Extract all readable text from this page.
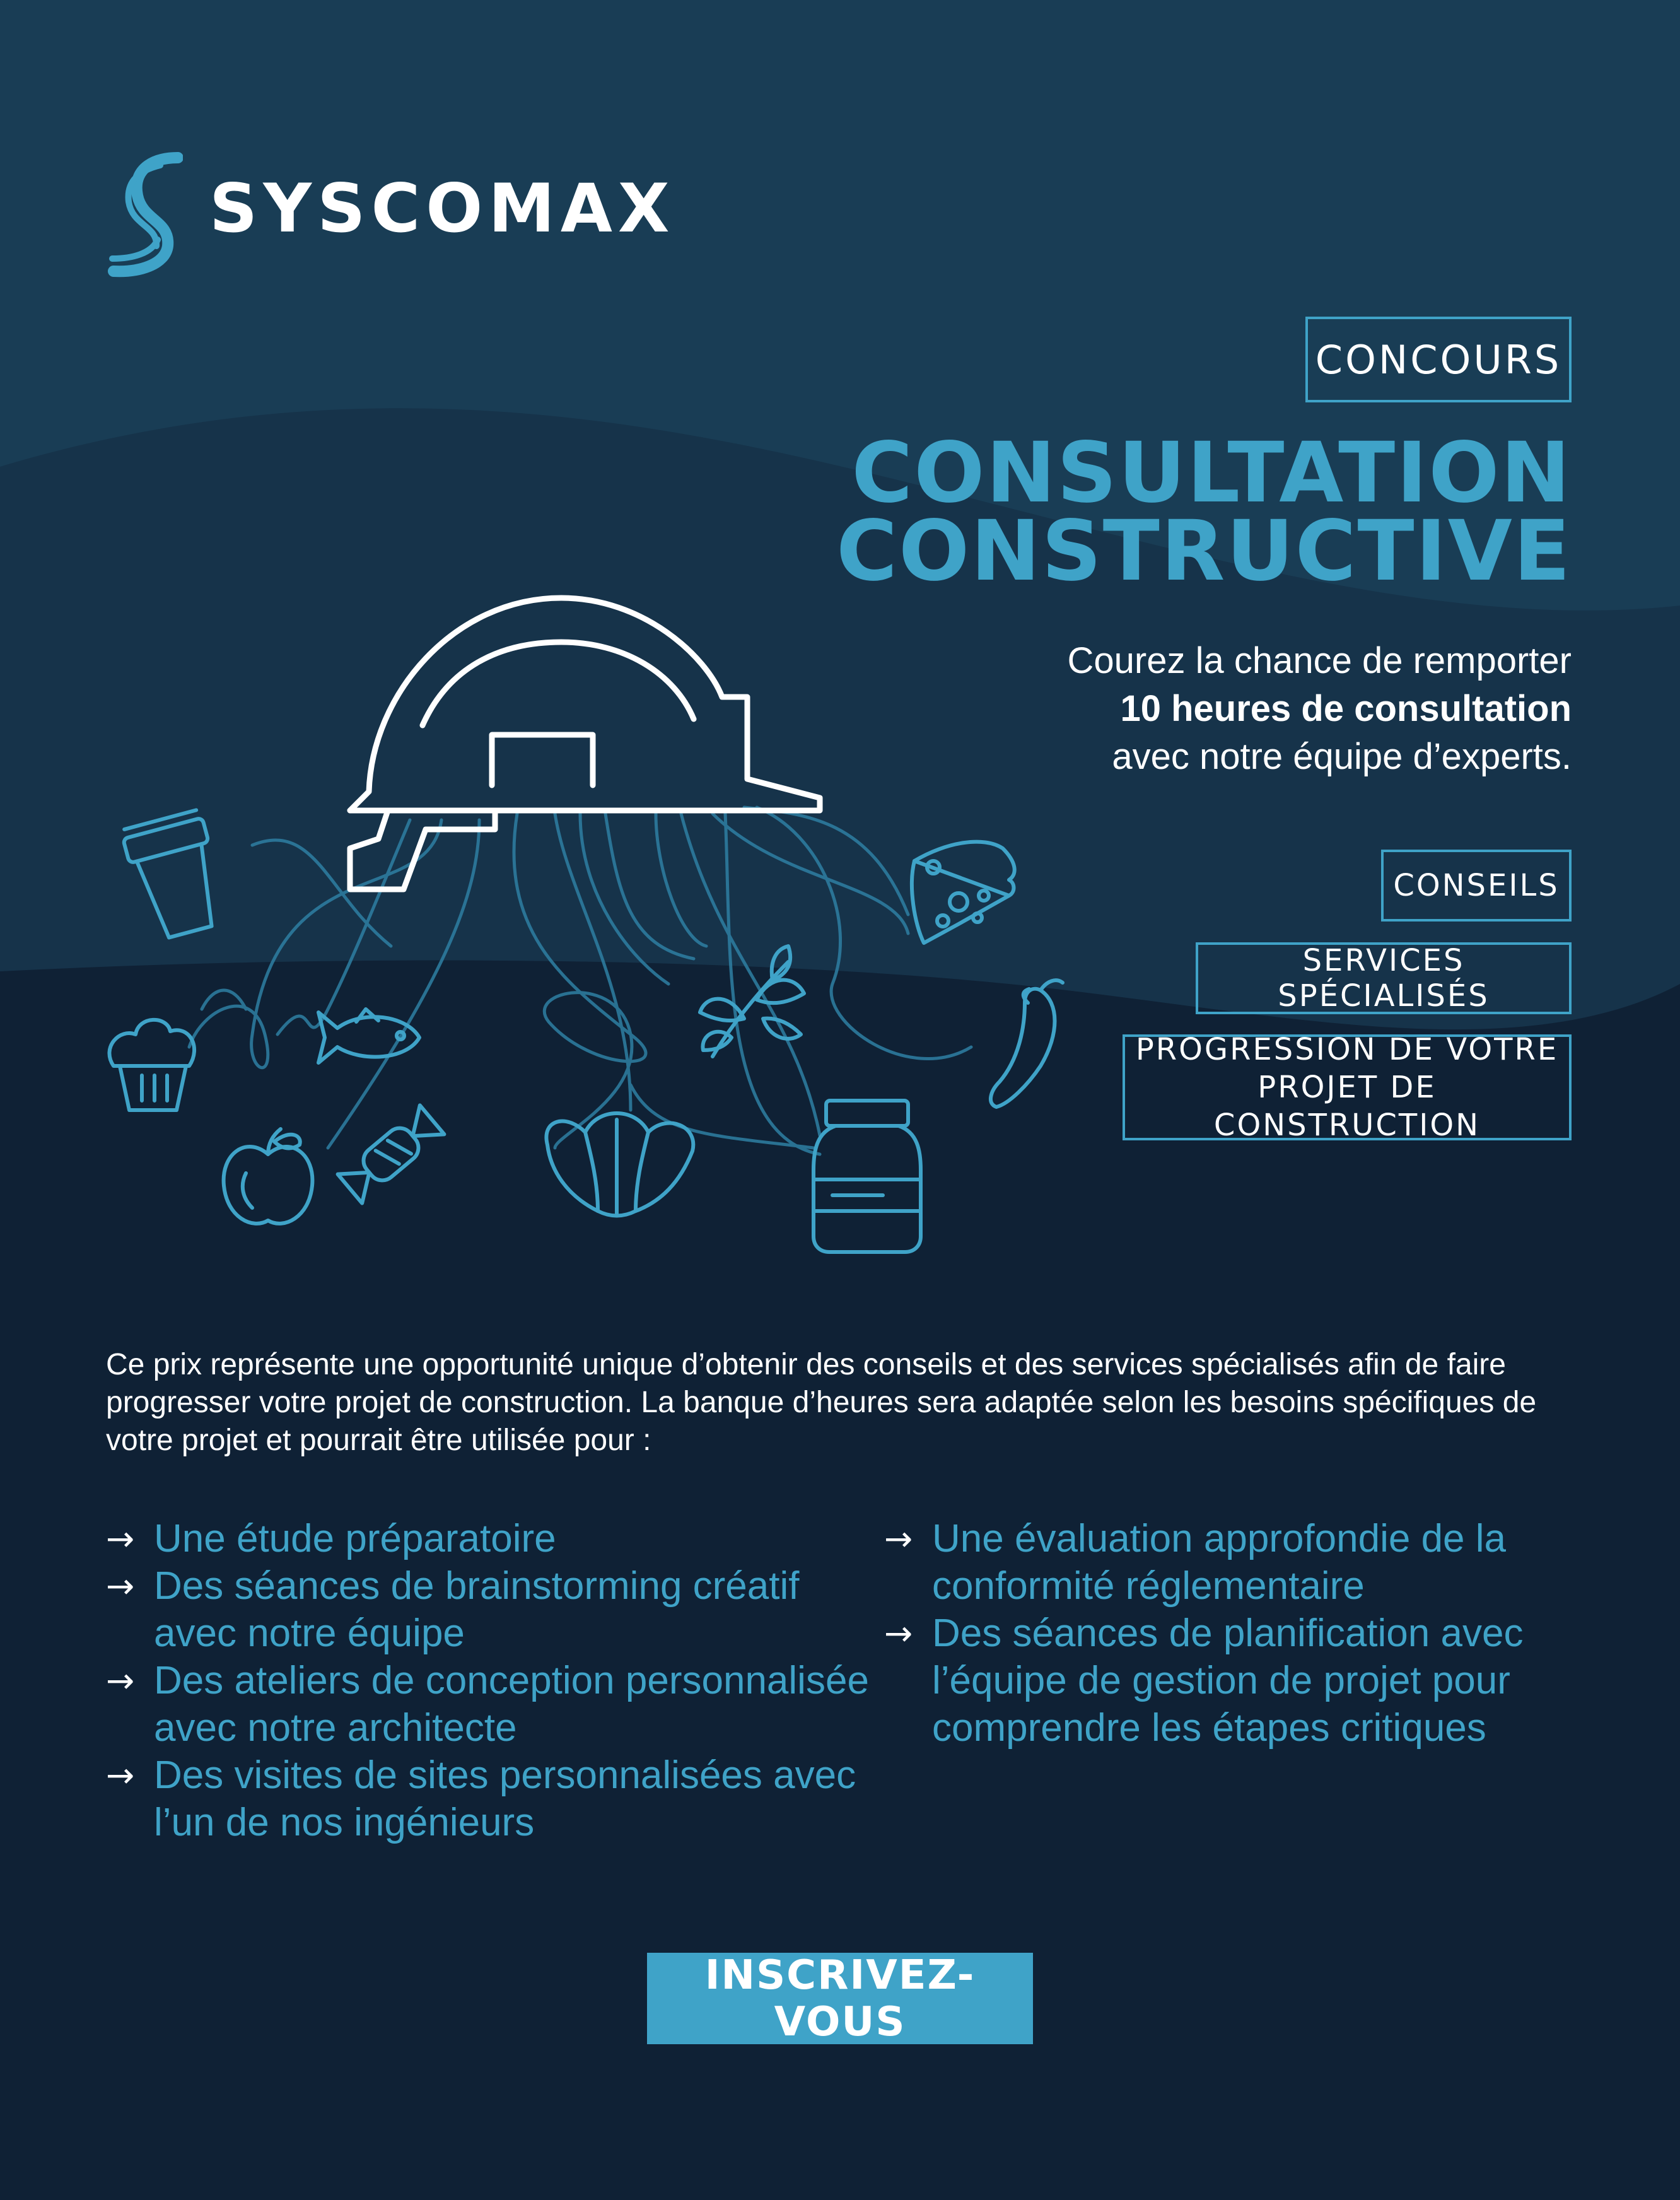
SYSCOMAX
CONCOURS
CONSULTATION
CONSTRUCTIVE
Courez la chance de remporter
10 heures de consultation
avec notre équipe d’experts.
CONSEILS
SERVICES SPÉCIALISÉS
PROGRESSION DE VOTRE
PROJET DE CONSTRUCTION

Ce prix représente une opportunité unique d’obtenir des conseils et des services spécialisés afin de faire progresser votre projet de construction. La banque d’heures sera adaptée selon les besoins spécifiques de votre projet et pourrait être utilisée pour :

→ Une étude préparatoire
→ Des séances de brainstorming créatif
avec notre équipe
→ Des ateliers de conception personnalisée
avec notre architecte
→ Des visites de sites personnalisées avec
l’un de nos ingénieurs
→ Une évaluation approfondie de la
conformité réglementaire
→ Des séances de planification avec
l’équipe de gestion de projet pour
comprendre les étapes critiques
INSCRIVEZ-VOUS
